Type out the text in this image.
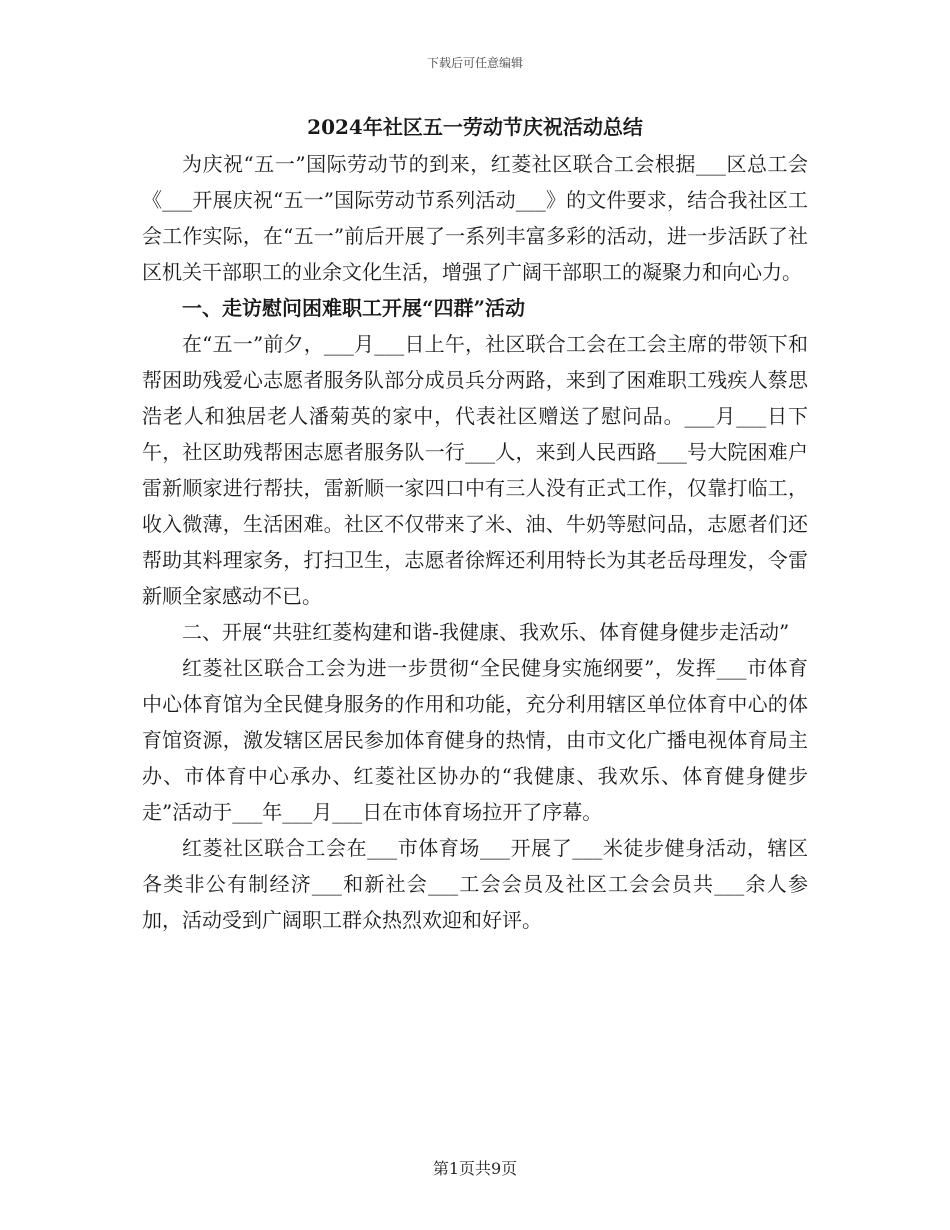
下载后可任意编辑
2024年社区五一劳动节庆祝活动总结

为庆祝“五一”国际劳动节的到来，红菱社区联合工会根据___区总工会《___开展庆祝“五一”国际劳动节系列活动___》的文件要求，结合我社区工会工作实际，在“五一”前后开展了一系列丰富多彩的活动，进一步活跃了社区机关干部职工的业余文化生活，增强了广阔干部职工的凝聚力和向心力。

一、走访慰问困难职工开展“四群”活动

在“五一”前夕，___月___日上午，社区联合工会在工会主席的带领下和帮困助残爱心志愿者服务队部分成员兵分两路，来到了困难职工残疾人蔡思浩老人和独居老人潘菊英的家中，代表社区赠送了慰问品。___月___日下午，社区助残帮困志愿者服务队一行___人，来到人民西路___号大院困难户雷新顺家进行帮扶，雷新顺一家四口中有三人没有正式工作，仅靠打临工，收入微薄，生活困难。社区不仅带来了米、油、牛奶等慰问品，志愿者们还帮助其料理家务，打扫卫生，志愿者徐辉还利用特长为其老岳母理发，令雷新顺全家感动不已。

二、开展“共驻红菱构建和谐-我健康、我欢乐、体育健身健步走活动”

红菱社区联合工会为进一步贯彻“全民健身实施纲要”，发挥___市体育中心体育馆为全民健身服务的作用和功能，充分利用辖区单位体育中心的体育馆资源，激发辖区居民参加体育健身的热情，由市文化广播电视体育局主办、市体育中心承办、红菱社区协办的“我健康、我欢乐、体育健身健步走”活动于___年___月___日在市体育场拉开了序幕。

红菱社区联合工会在___市体育场___开展了___米徒步健身活动，辖区各类非公有制经济___和新社会___工会会员及社区工会会员共___余人参加，活动受到广阔职工群众热烈欢迎和好评。

第1页共9页
